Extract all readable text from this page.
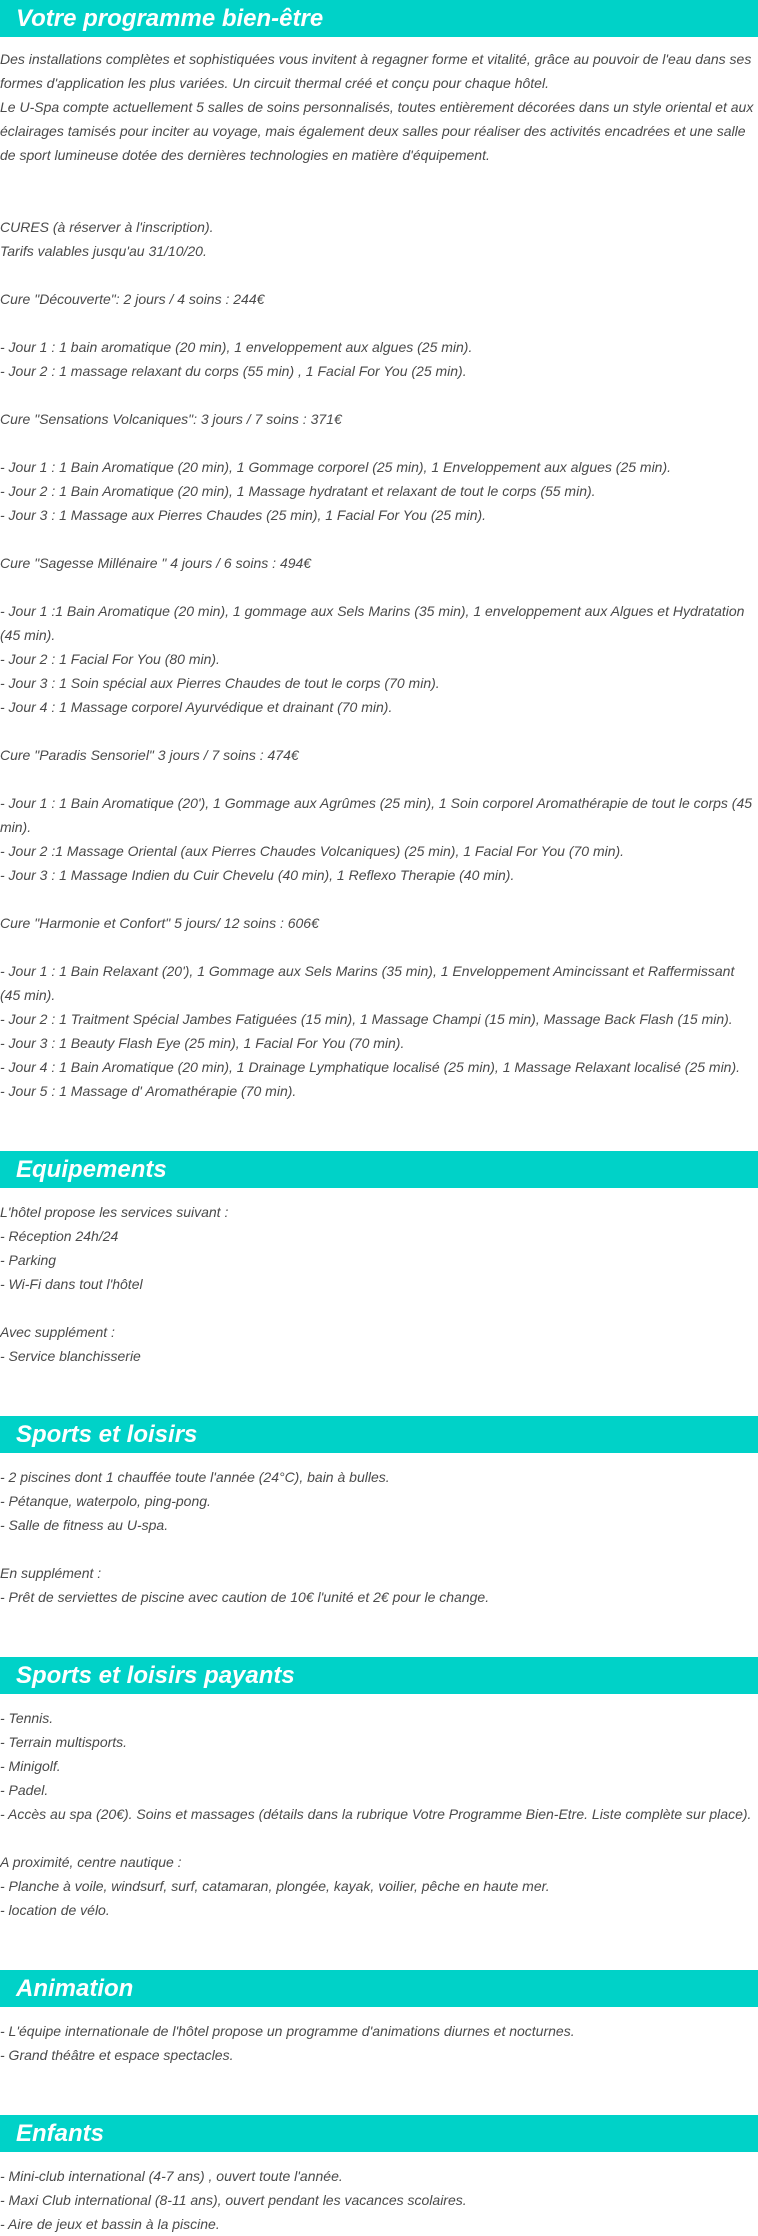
Votre programme bien-être
Des installations complètes et sophistiquées vous invitent à regagner forme et vitalité, grâce au pouvoir de l'eau dans ses formes d'application les plus variées. Un circuit thermal créé et conçu pour chaque hôtel.
Le U-Spa compte actuellement 5 salles de soins personnalisés, toutes entièrement décorées dans un style oriental et aux éclairages tamisés pour inciter au voyage, mais également deux salles pour réaliser des activités encadrées et une salle de sport lumineuse dotée des dernières technologies en matière d'équipement.
CURES (à réserver à l'inscription).
Tarifs valables jusqu'au 31/10/20.
Cure "Découverte": 2 jours / 4 soins : 244€
- Jour 1 : 1 bain aromatique (20 min), 1 enveloppement aux algues (25 min).
- Jour 2 : 1 massage relaxant du corps (55 min) , 1 Facial For You (25 min).
Cure "Sensations Volcaniques": 3 jours / 7 soins : 371€
- Jour 1 : 1 Bain Aromatique (20 min), 1 Gommage corporel (25 min), 1 Enveloppement aux algues (25 min).
- Jour 2 : 1 Bain Aromatique (20 min), 1 Massage hydratant et relaxant de tout le corps (55 min).
- Jour 3 : 1 Massage aux Pierres Chaudes (25 min), 1 Facial For You (25 min).
Cure "Sagesse Millénaire " 4 jours / 6 soins : 494€
- Jour 1 :1 Bain Aromatique (20 min), 1 gommage aux Sels Marins (35 min), 1 enveloppement aux Algues et Hydratation (45 min).
- Jour 2 : 1 Facial For You (80 min).
- Jour 3 : 1 Soin spécial aux Pierres Chaudes de tout le corps (70 min).
- Jour 4 : 1 Massage corporel Ayurvédique et drainant (70 min).
Cure "Paradis Sensoriel" 3 jours / 7 soins : 474€
- Jour 1 : 1 Bain Aromatique (20'), 1 Gommage aux Agrûmes (25 min), 1 Soin corporel Aromathérapie de tout le corps (45 min).
- Jour 2 :1 Massage Oriental (aux Pierres Chaudes Volcaniques) (25 min), 1 Facial For You (70 min).
- Jour 3 : 1 Massage Indien du Cuir Chevelu (40 min), 1 Reflexo Therapie (40 min).
Cure "Harmonie et Confort" 5 jours/ 12 soins : 606€
- Jour 1 : 1 Bain Relaxant (20'), 1 Gommage aux Sels Marins (35 min), 1 Enveloppement Amincissant et Raffermissant (45 min).
- Jour 2 : 1 Traitment Spécial Jambes Fatiguées (15 min), 1 Massage Champi (15 min), Massage Back Flash (15 min).
- Jour 3 : 1 Beauty Flash Eye (25 min), 1 Facial For You (70 min).
- Jour 4 : 1 Bain Aromatique (20 min), 1 Drainage Lymphatique localisé (25 min), 1 Massage Relaxant localisé (25 min).
- Jour 5 : 1 Massage d' Aromathérapie (70 min).
Equipements
L'hôtel propose les services suivant :
- Réception 24h/24
- Parking
- Wi-Fi dans tout l'hôtel
Avec supplément :
- Service blanchisserie
Sports et loisirs
- 2 piscines dont 1 chauffée toute l'année (24°C), bain à bulles.
- Pétanque, waterpolo, ping-pong.
- Salle de fitness au U-spa.
En supplément :
- Prêt de serviettes de piscine avec caution de 10€ l'unité et 2€ pour le change.
Sports et loisirs payants
- Tennis.
- Terrain multisports.
- Minigolf.
- Padel.
- Accès au spa (20€). Soins et massages (détails dans la rubrique Votre Programme Bien-Etre. Liste complète sur place).
A proximité, centre nautique :
- Planche à voile, windsurf, surf, catamaran, plongée, kayak, voilier, pêche en haute mer.
- location de vélo.
Animation
- L'équipe internationale de l'hôtel propose un programme d'animations diurnes et nocturnes.
- Grand théâtre et espace spectacles.
Enfants
- Mini-club international (4-7 ans) , ouvert toute l'année.
- Maxi Club international (8-11 ans), ouvert pendant les vacances scolaires.
- Aire de jeux et bassin à la piscine.
